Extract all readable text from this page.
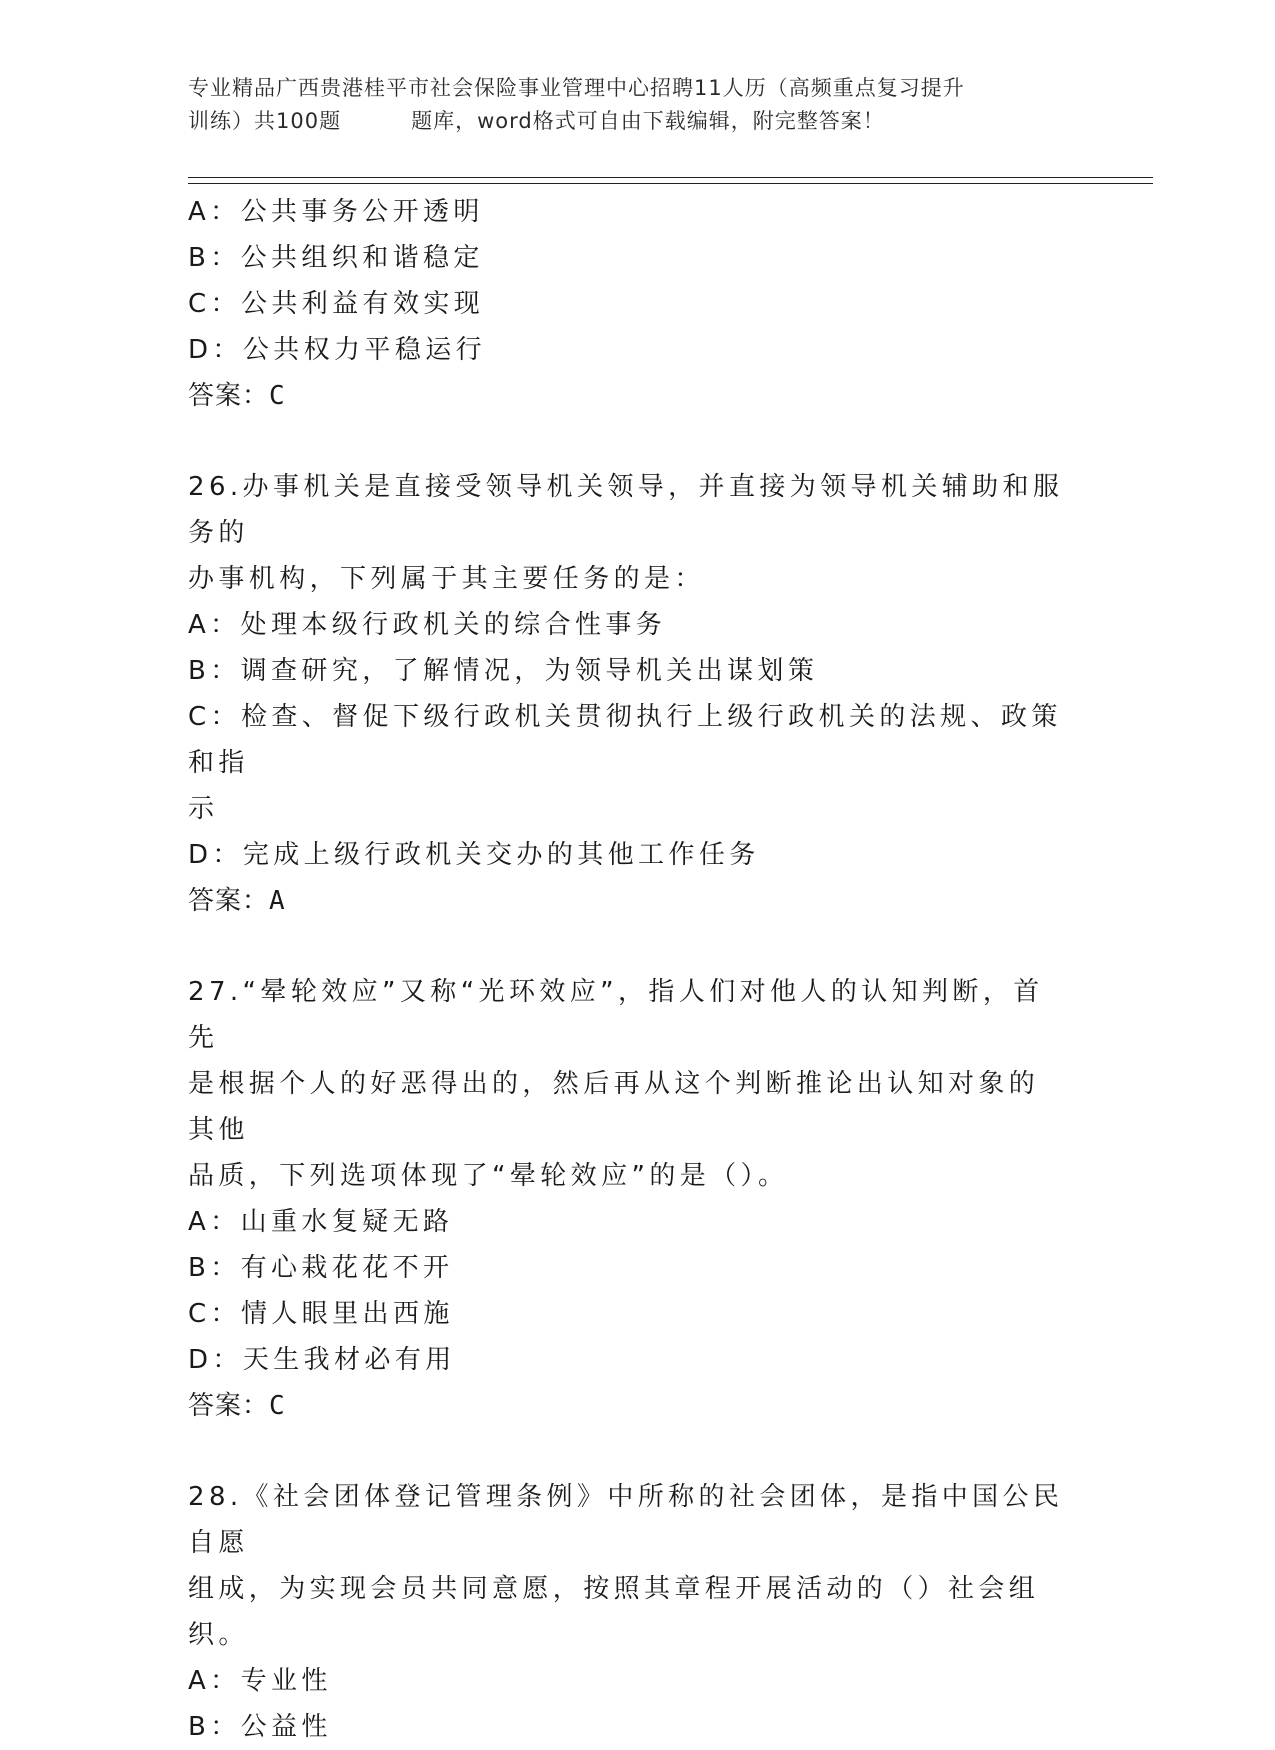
专业精品广西贵港桂平市社会保险事业管理中心招聘11人历（高频重点复习提升
训练）共100题	题库，word格式可自由下载编辑，附完整答案！
A：公共事务公开透明
B：公共组织和谐稳定
C：公共利益有效实现
D：公共权力平稳运行
答案：C
26.办事机关是直接受领导机关领导，并直接为领导机关辅助和服务的
办事机构，下列属于其主要任务的是：
A：处理本级行政机关的综合性事务
B：调查研究，了解情况，为领导机关出谋划策
C：检查、督促下级行政机关贯彻执行上级行政机关的法规、政策和指
示
D：完成上级行政机关交办的其他工作任务
答案：A
27.“晕轮效应”又称“光环效应”，指人们对他人的认知判断，首先
是根据个人的好恶得出的，然后再从这个判断推论出认知对象的其他
品质，下列选项体现了“晕轮效应”的是（）。
A：山重水复疑无路
B：有心栽花花不开
C：情人眼里出西施
D：天生我材必有用
答案：C
28.《社会团体登记管理条例》中所称的社会团体，是指中国公民自愿
组成，为实现会员共同意愿，按照其章程开展活动的（）社会组织。
A：专业性
B：公益性
